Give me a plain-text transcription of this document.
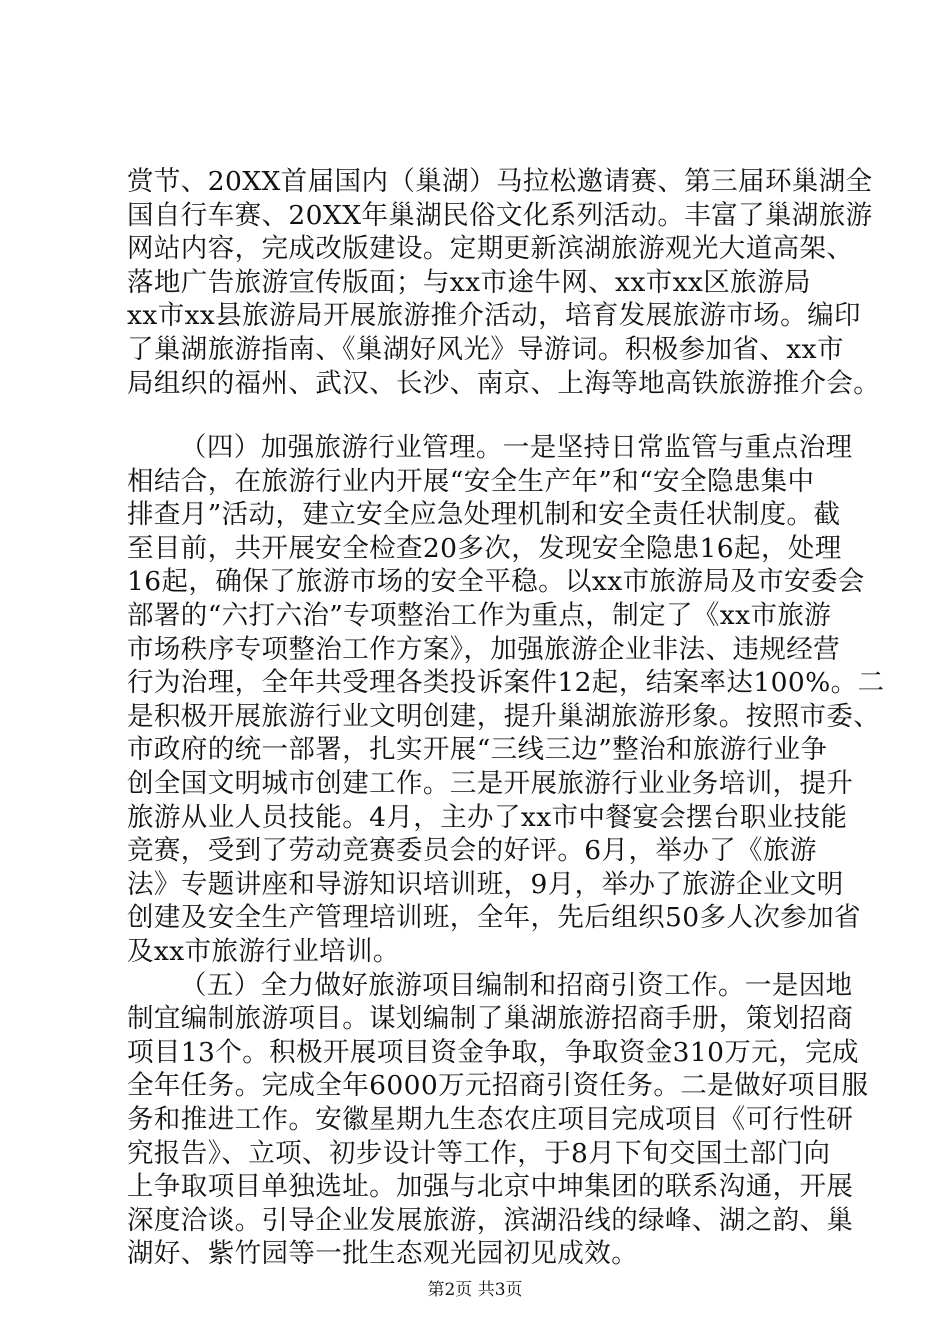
第2页 共3页
赏节、20XX首届国内（巢湖）马拉松邀请赛、第三届环巢湖全
国自行车赛、20XX年巢湖民俗文化系列活动。丰富了巢湖旅游
网站内容，完成改版建设。定期更新滨湖旅游观光大道高架、
落地广告旅游宣传版面；与xx市途牛网、xx市xx区旅游局
xx市xx县旅游局开展旅游推介活动，培育发展旅游市场。编印
了巢湖旅游指南、《巢湖好风光》导游词。积极参加省、xx市
局组织的福州、武汉、长沙、南京、上海等地高铁旅游推介会。
（四）加强旅游行业管理。一是坚持日常监管与重点治理
相结合，在旅游行业内开展“安全生产年”和“安全隐患集中
排查月”活动，建立安全应急处理机制和安全责任状制度。截
至目前，共开展安全检查20多次，发现安全隐患16起，处理
16起，确保了旅游市场的安全平稳。以xx市旅游局及市安委会
部署的“六打六治”专项整治工作为重点，制定了《xx市旅游
市场秩序专项整治工作方案》，加强旅游企业非法、违规经营
行为治理，全年共受理各类投诉案件12起，结案率达100%。二
是积极开展旅游行业文明创建，提升巢湖旅游形象。按照市委、
市政府的统一部署，扎实开展“三线三边”整治和旅游行业争
创全国文明城市创建工作。三是开展旅游行业业务培训，提升
旅游从业人员技能。4月，主办了xx市中餐宴会摆台职业技能
竞赛，受到了劳动竞赛委员会的好评。6月，举办了《旅游
法》专题讲座和导游知识培训班，9月，举办了旅游企业文明
创建及安全生产管理培训班，全年，先后组织50多人次参加省
及xx市旅游行业培训。
（五）全力做好旅游项目编制和招商引资工作。一是因地
制宜编制旅游项目。谋划编制了巢湖旅游招商手册，策划招商
项目13个。积极开展项目资金争取，争取资金310万元，完成
全年任务。完成全年6000万元招商引资任务。二是做好项目服
务和推进工作。安徽星期九生态农庄项目完成项目《可行性研
究报告》、立项、初步设计等工作，于8月下旬交国土部门向
上争取项目单独选址。加强与北京中坤集团的联系沟通，开展
深度洽谈。引导企业发展旅游，滨湖沿线的绿峰、湖之韵、巢
湖好、紫竹园等一批生态观光园初见成效。
